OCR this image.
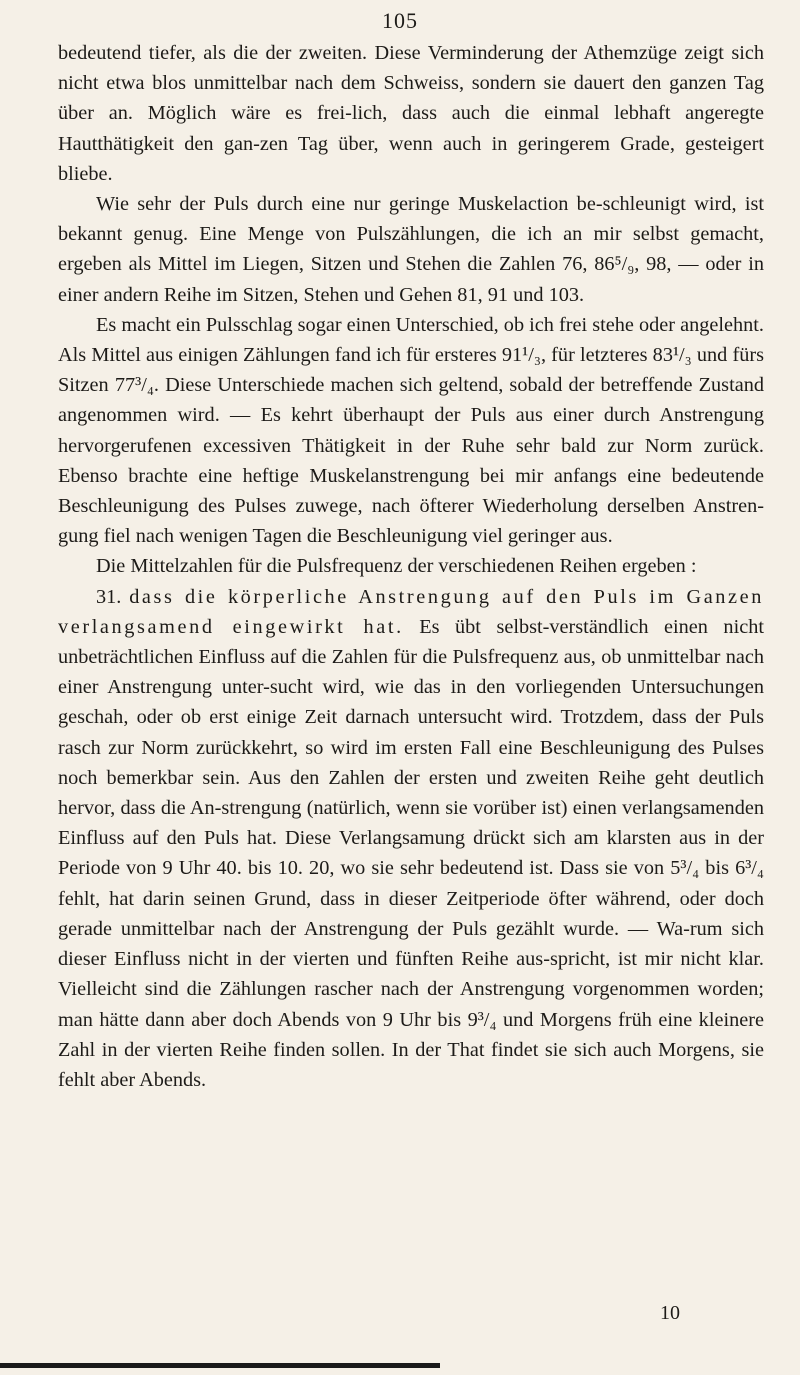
105

bedeutend tiefer, als die der zweiten. Diese Verminderung der Athemzüge zeigt sich nicht etwa blos unmittelbar nach dem Schweiss, sondern sie dauert den ganzen Tag über an. Möglich wäre es frei-lich, dass auch die einmal lebhaft angeregte Hautthätigkeit den gan-zen Tag über, wenn auch in geringerem Grade, gesteigert bliebe.

Wie sehr der Puls durch eine nur geringe Muskelaction be-schleunigt wird, ist bekannt genug. Eine Menge von Pulszählungen, die ich an mir selbst gemacht, ergeben als Mittel im Liegen, Sitzen und Stehen die Zahlen 76, 86⁵/₉, 98, — oder in einer andern Reihe im Sitzen, Stehen und Gehen 81, 91 und 103.

Es macht ein Pulsschlag sogar einen Unterschied, ob ich frei stehe oder angelehnt. Als Mittel aus einigen Zählungen fand ich für ersteres 91¹/₃, für letzteres 83¹/₃ und fürs Sitzen 77³/₄. Diese Unterschiede machen sich geltend, sobald der betreffende Zustand angenommen wird. — Es kehrt überhaupt der Puls aus einer durch Anstrengung hervorgerufenen excessiven Thätigkeit in der Ruhe sehr bald zur Norm zurück. Ebenso brachte eine heftige Muskelanstrengung bei mir anfangs eine bedeutende Beschleunigung des Pulses zuwege, nach öfterer Wiederholung derselben Anstren-gung fiel nach wenigen Tagen die Beschleunigung viel geringer aus.

Die Mittelzahlen für die Pulsfrequenz der verschiedenen Reihen ergeben :

31. dass die körperliche Anstrengung auf den Puls im Ganzen verlangsamend eingewirkt hat. Es übt selbst-verständlich einen nicht unbeträchtlichen Einfluss auf die Zahlen für die Pulsfrequenz aus, ob unmittelbar nach einer Anstrengung unter-sucht wird, wie das in den vorliegenden Untersuchungen geschah, oder ob erst einige Zeit darnach untersucht wird. Trotzdem, dass der Puls rasch zur Norm zurückkehrt, so wird im ersten Fall eine Beschleunigung des Pulses noch bemerkbar sein. Aus den Zahlen der ersten und zweiten Reihe geht deutlich hervor, dass die An-strengung (natürlich, wenn sie vorüber ist) einen verlangsamenden Einfluss auf den Puls hat. Diese Verlangsamung drückt sich am klarsten aus in der Periode von 9 Uhr 40. bis 10. 20, wo sie sehr bedeutend ist. Dass sie von 5³/₄ bis 6³/₄ fehlt, hat darin seinen Grund, dass in dieser Zeitperiode öfter während, oder doch gerade unmittelbar nach der Anstrengung der Puls gezählt wurde. — Wa-rum sich dieser Einfluss nicht in der vierten und fünften Reihe aus-spricht, ist mir nicht klar. Vielleicht sind die Zählungen rascher nach der Anstrengung vorgenommen worden; man hätte dann aber doch Abends von 9 Uhr bis 9³/₄ und Morgens früh eine kleinere Zahl in der vierten Reihe finden sollen. In der That findet sie sich auch Morgens, sie fehlt aber Abends.

10
